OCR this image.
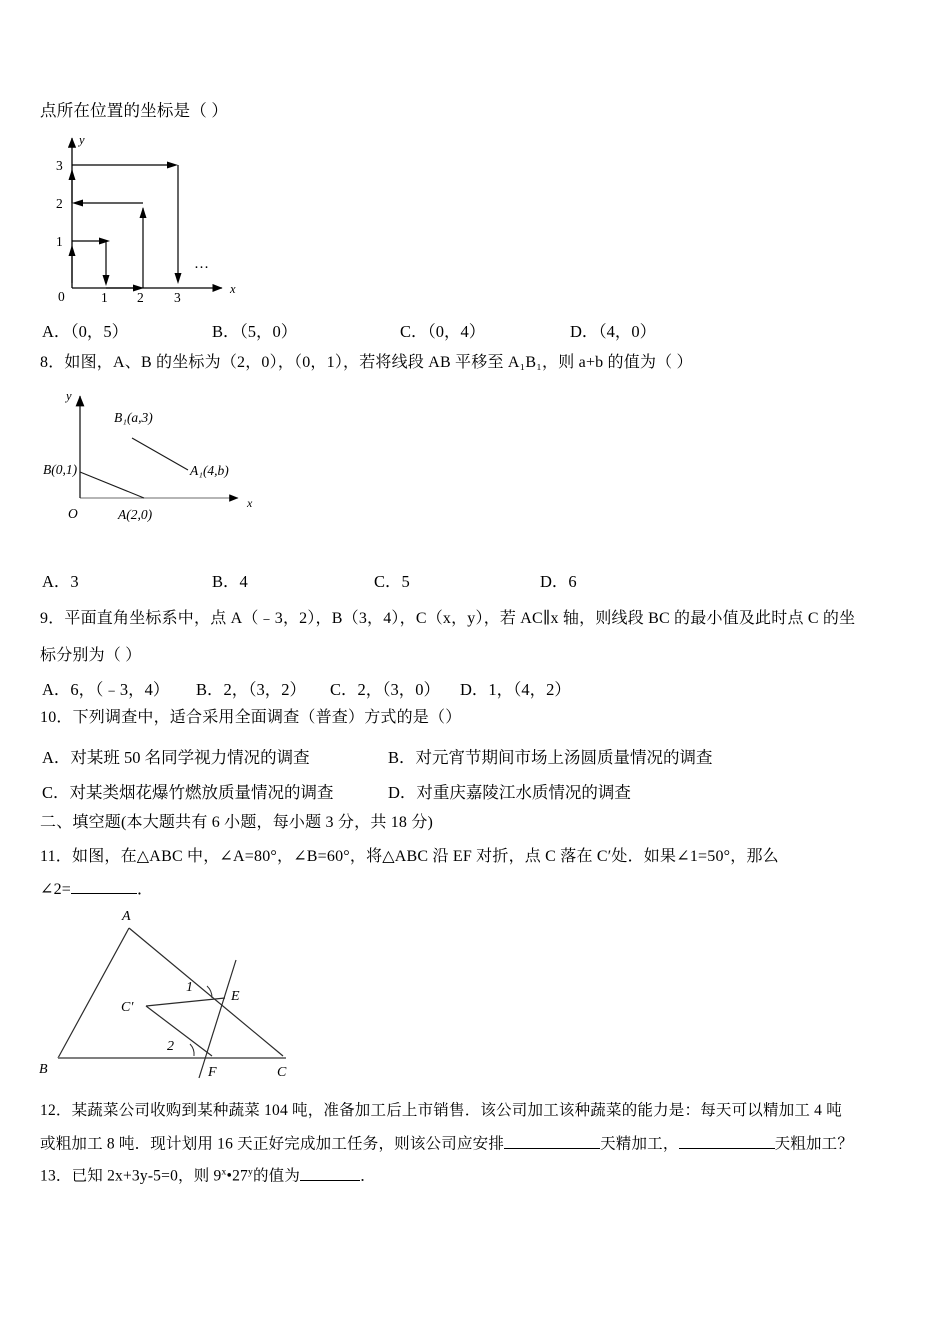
点所在位置的坐标是（ ）
x
y
0	1 2 3
1
2
3
…
A．（0，5）	B．（5，0）	C．（0，4）	D．（4，0）
8．如图，A、B 的坐标为（2，0），（0，1），若将线段 AB 平移至 A₁B₁，则 a+b 的值为（ ）
x
y
O
B₁(a,3)
A₁(4,b)
B(0,1)
A(2,0)
A．3	B．4	C．5	D．6
9．平面直角坐标系中，点 A（﹣3，2），B（3，4），C（x，y），若 AC∥x 轴，则线段 BC 的最小值及此时点 C 的坐
标分别为（ ）
A．6，（﹣3，4） B．2，（3，2） C．2，（3，0） D．1，（4，2）
10．下列调查中，适合采用全面调查（普查）方式的是（）
A．对某班 50 名同学视力情况的调查	B．对元宵节期间市场上汤圆质量情况的调查
C．对某类烟花爆竹燃放质量情况的调查	D．对重庆嘉陵江水质情况的调查
二、填空题(本大题共有 6 小题，每小题 3 分，共 18 分)
11．如图，在△ABC 中，∠A=80°，∠B=60°，将△ABC 沿 EF 对折，点 C 落在 C′处．如果∠1=50°，那么
∠2=	．
A
B	C
C′
E
F
1
2
12．某蔬菜公司收购到某种蔬菜 104 吨，准备加工后上市销售．该公司加工该种蔬菜的能力是：每天可以精加工 4 吨
或粗加工 8 吨．现计划用 16 天正好完成加工任务，则该公司应安排	天精加工，	天粗加工？
13．已知 2x+3y-5=0，则 9$^x$•27$^y$的值为	．
